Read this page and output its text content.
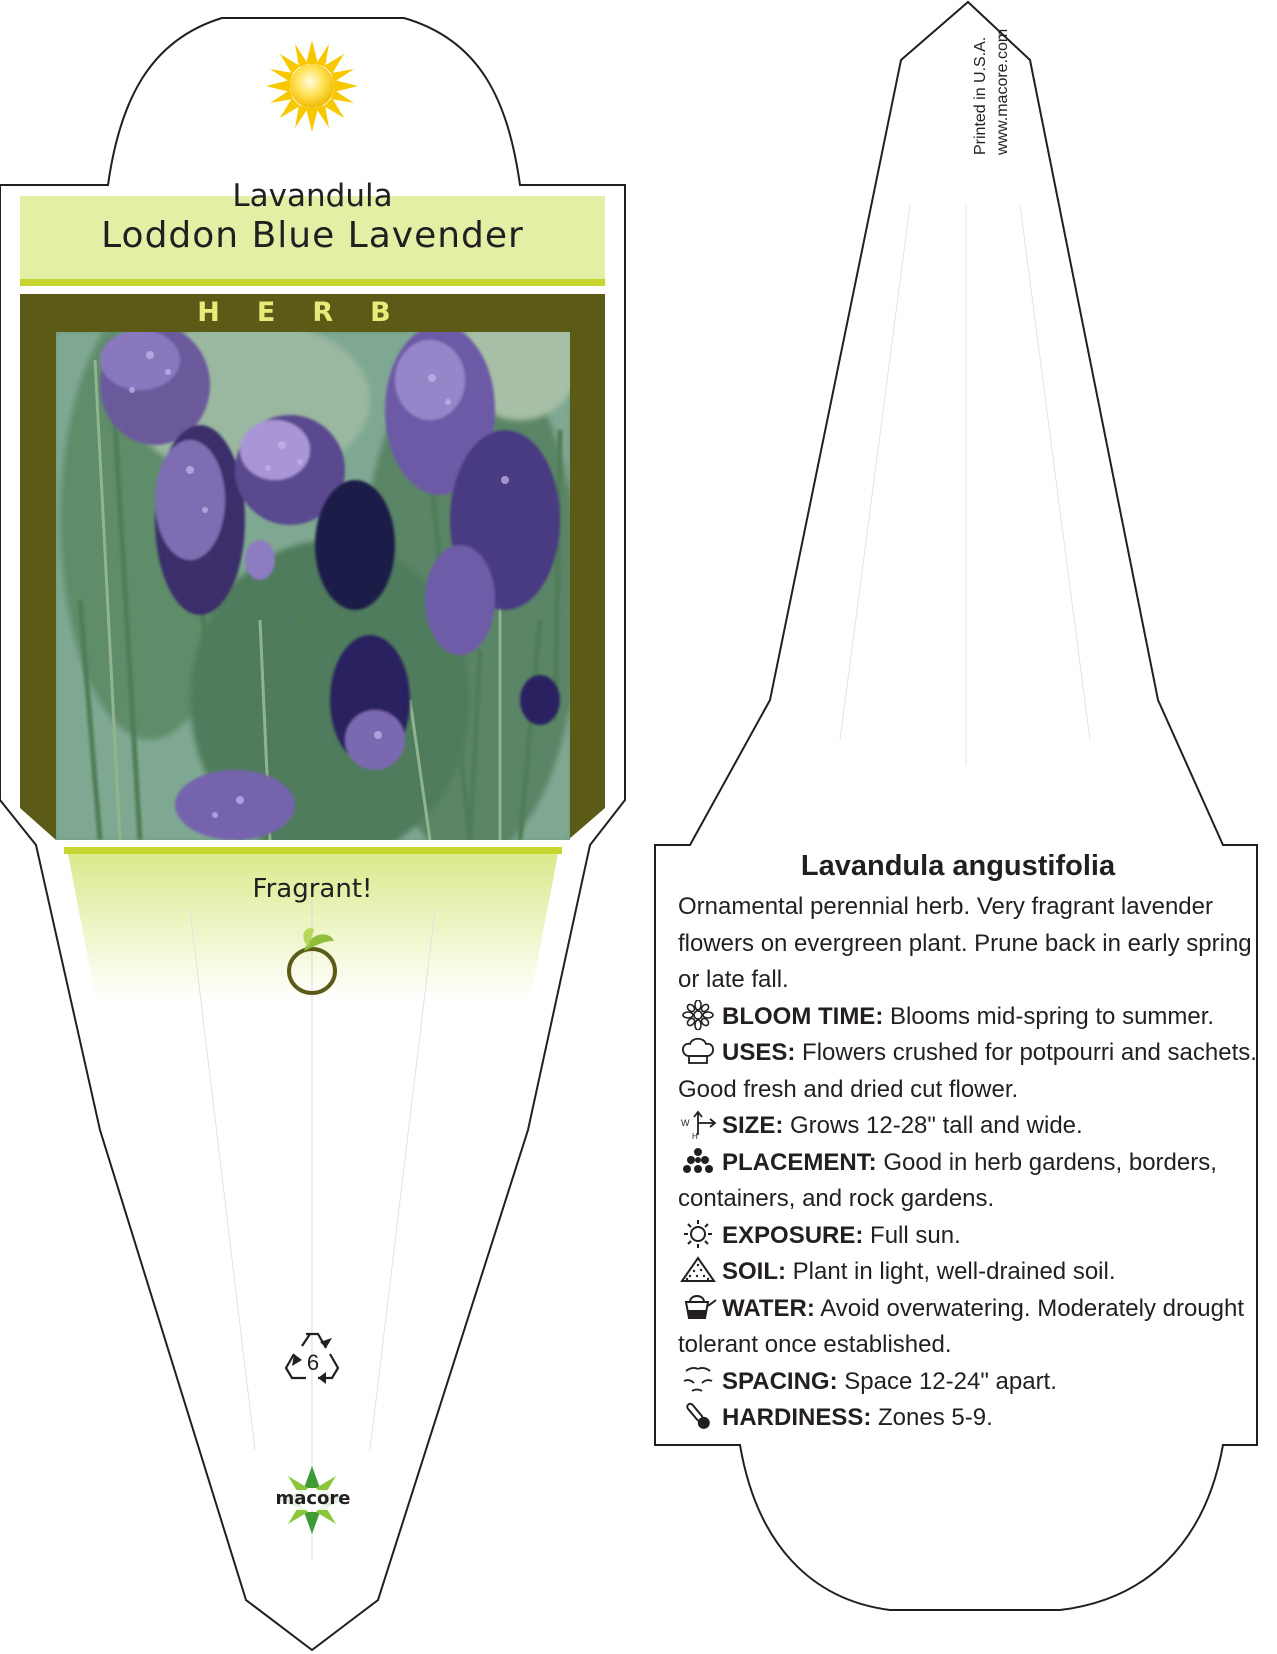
Lavandula
Loddon Blue Lavender
HERB
Fragrant!
6
macore
Printed in U.S.A. www.macore.com
Lavandula angustifolia

Ornamental perennial herb. Very fragrant lavender flowers on evergreen plant. Prune back in early spring or late fall.

BLOOM TIME: Blooms mid-spring to summer.

USES: Flowers crushed for potpourri and sachets. Good fresh and dried cut flower.

W
H SIZE: Grows 12-28" tall and wide.

PLACEMENT: Good in herb gardens, borders, containers, and rock gardens.

EXPOSURE: Full sun.

SOIL: Plant in light, well-drained soil.

WATER: Avoid overwatering. Moderately drought tolerant once established.

SPACING: Space 12-24" apart.

HARDINESS: Zones 5-9.
